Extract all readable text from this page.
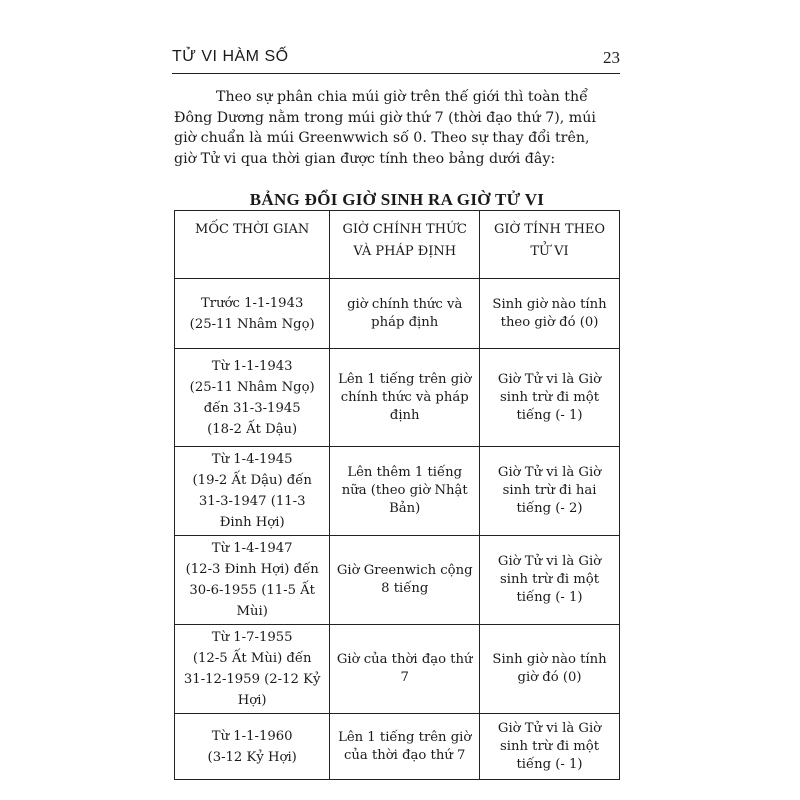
TỬ VI HÀM SỐ	23
Theo sự phân chia múi giờ trên thế giới thì toàn thể
Đông Dương nằm trong múi giờ thứ 7 (thời đạo thứ 7), múi
giờ chuẩn là múi Greenwwich số 0. Theo sự thay đổi trên,
giờ Tử vi qua thời gian được tính theo bảng dưới đây:
BẢNG ĐỔI GIỜ SINH RA GIỜ TỬ VI
MỐC THỜI GIAN	GIỜ CHÍNH THỨC
VÀ PHÁP ĐỊNH	GIỜ TÍNH THEO
TỬ VI

Trước 1-1-1943
(25-11 Nhâm Ngọ)	giờ chính thức và
pháp định	Sinh giờ nào tính
theo giờ đó (0)

Từ 1-1-1943
(25-11 Nhâm Ngọ)
đến 31-3-1945
(18-2 Ất Dậu)	Lên 1 tiếng trên giờ
chính thức và pháp
định	Giờ Tử vi là Giờ
sinh trừ đi một
tiếng (- 1)

Từ 1-4-1945
(19-2 Ất Dậu) đến
31-3-1947 (11-3
Đinh Hợi)	Lên thêm 1 tiếng
nữa (theo giờ Nhật
Bản)	Giờ Tử vi là Giờ
sinh trừ đi hai
tiếng (- 2)

Từ 1-4-1947
(12-3 Đinh Hợi) đến
30-6-1955 (11-5 Ất
Mùi)	Giờ Greenwich cộng
8 tiếng	Giờ Tử vi là Giờ
sinh trừ đi một
tiếng (- 1)

Từ 1-7-1955
(12-5 Ất Mùi) đến
31-12-1959 (2-12 Kỷ
Hợi)	Giờ của thời đạo thứ
7	Sinh giờ nào tính
giờ đó (0)

Từ 1-1-1960
(3-12 Kỷ Hợi)	Lên 1 tiếng trên giờ
của thời đạo thứ 7	Giờ Tử vi là Giờ
sinh trừ đi một
tiếng (- 1)
